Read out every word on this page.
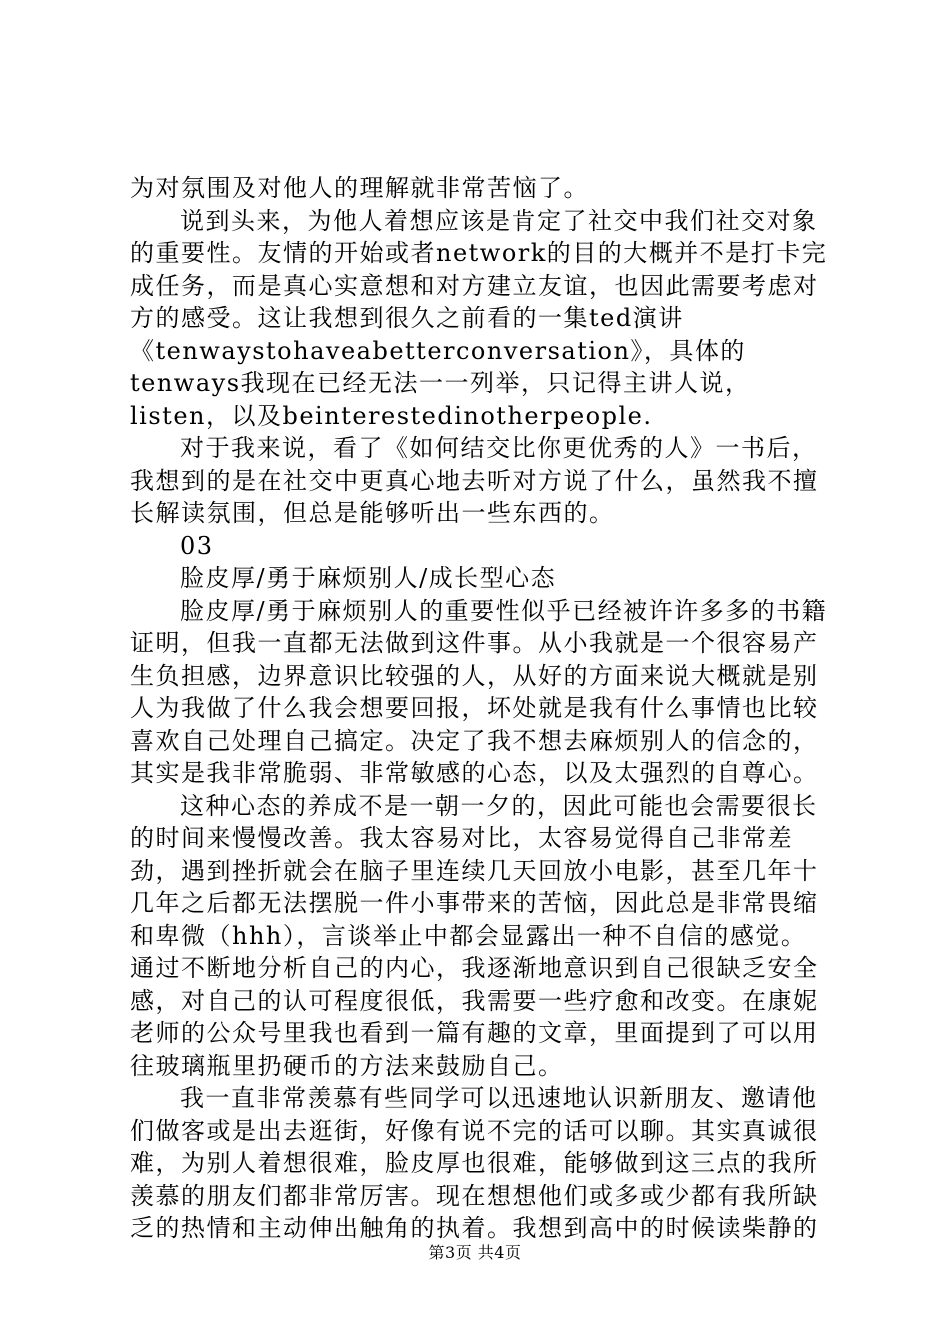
为对氛围及对他人的理解就非常苦恼了。

说到头来，为他人着想应该是肯定了社交中我们社交对象的重要性。友情的开始或者network的目的大概并不是打卡完成任务，而是真心实意想和对方建立友谊，也因此需要考虑对方的感受。这让我想到很久之前看的一集ted演讲《tenwaystohaveabetterconversation》，具体的tenways我现在已经无法一一列举，只记得主讲人说，listen，以及beinterestedinotherpeople.

对于我来说，看了《如何结交比你更优秀的人》一书后，我想到的是在社交中更真心地去听对方说了什么，虽然我不擅长解读氛围，但总是能够听出一些东西的。

03

脸皮厚/勇于麻烦别人/成长型心态

脸皮厚/勇于麻烦别人的重要性似乎已经被许许多多的书籍证明，但我一直都无法做到这件事。从小我就是一个很容易产生负担感，边界意识比较强的人，从好的方面来说大概就是别人为我做了什么我会想要回报，坏处就是我有什么事情也比较喜欢自己处理自己搞定。决定了我不想去麻烦别人的信念的，其实是我非常脆弱、非常敏感的心态，以及太强烈的自尊心。

这种心态的养成不是一朝一夕的，因此可能也会需要很长的时间来慢慢改善。我太容易对比，太容易觉得自己非常差劲，遇到挫折就会在脑子里连续几天回放小电影，甚至几年十几年之后都无法摆脱一件小事带来的苦恼，因此总是非常畏缩和卑微（hhh），言谈举止中都会显露出一种不自信的感觉。通过不断地分析自己的内心，我逐渐地意识到自己很缺乏安全感，对自己的认可程度很低，我需要一些疗愈和改变。在康妮老师的公众号里我也看到一篇有趣的文章，里面提到了可以用往玻璃瓶里扔硬币的方法来鼓励自己。

我一直非常羡慕有些同学可以迅速地认识新朋友、邀请他们做客或是出去逛街，好像有说不完的话可以聊。其实真诚很难，为别人着想很难，脸皮厚也很难，能够做到这三点的我所羡慕的朋友们都非常厉害。现在想想他们或多或少都有我所缺乏的热情和主动伸出触角的执着。我想到高中的时候读柴静的

第3页 共4页
